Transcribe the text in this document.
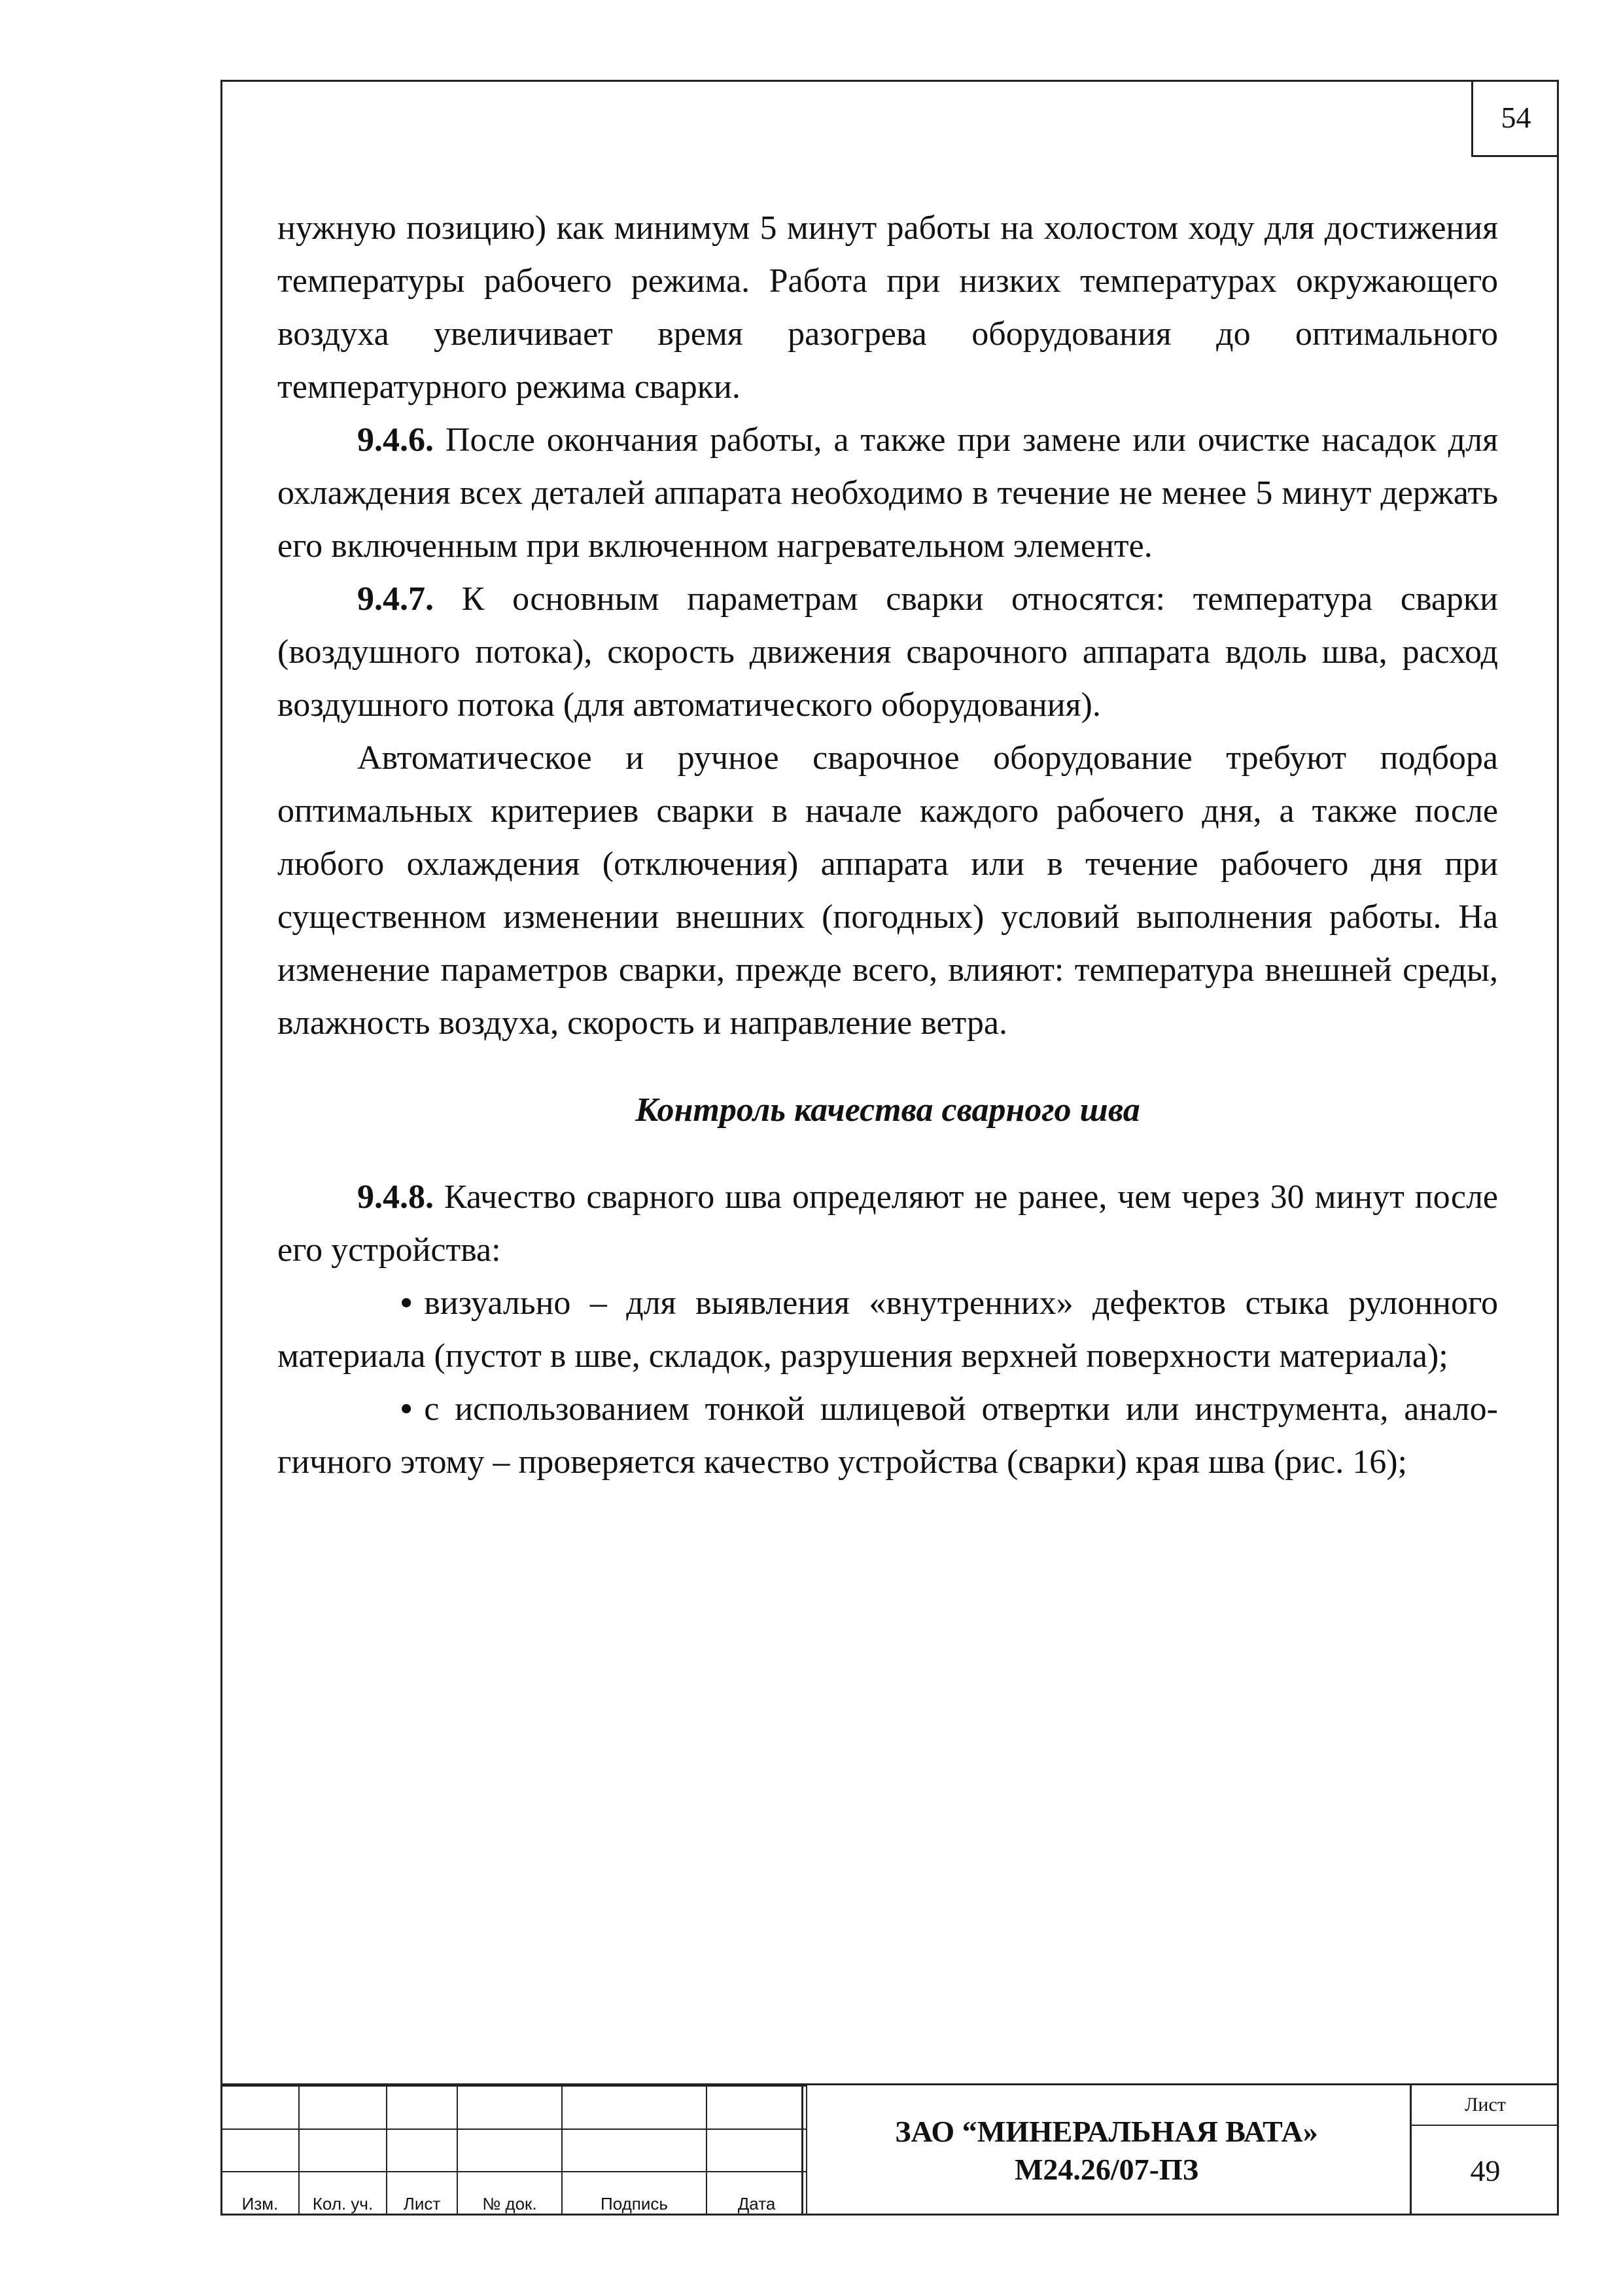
54

нужную позицию) как минимум 5 минут работы на холостом ходу для достижения температуры рабочего режима. Работа при низких температурах окружающего воздуха увеличивает время разогрева оборудования до оптимального температурного режима сварки.

9.4.6. После окончания работы, а также при замене или очистке насадок для охлаждения всех деталей аппарата необходимо в течение не менее 5 минут держать его включенным при включенном нагревательном элементе.

9.4.7. К основным параметрам сварки относятся: температура сварки (воздушного потока), скорость движения сварочного аппарата вдоль шва, расход воздушного потока (для автоматического оборудования).

Автоматическое и ручное сварочное оборудование требуют подбора оптимальных критериев сварки в начале каждого рабочего дня, а также после любого охлаждения (отключения) аппарата или в течение рабочего дня при существенном изменении внешних (погодных) условий выполнения работы. На изменение параметров сварки, прежде всего, влияют: температура внешней среды, влажность воздуха, скорость и направление ветра.

Контроль качества сварного шва

9.4.8. Качество сварного шва определяют не ранее, чем через 30 минут после его устройства:

• визуально – для выявления «внутренних» дефектов стыка рулонного материала (пустот в шве, складок, разрушения верхней поверхности материала);

• с использованием тонкой шлицевой отвертки или инструмента, аналогичного этому – проверяется качество устройства (сварки) края шва (рис. 16);

Изм.	Кол. уч.	Лист	№ док.	Подпись	Дата
ЗАО “МИНЕРАЛЬНАЯ ВАТА»
М24.26/07-ПЗ
Лист
49
